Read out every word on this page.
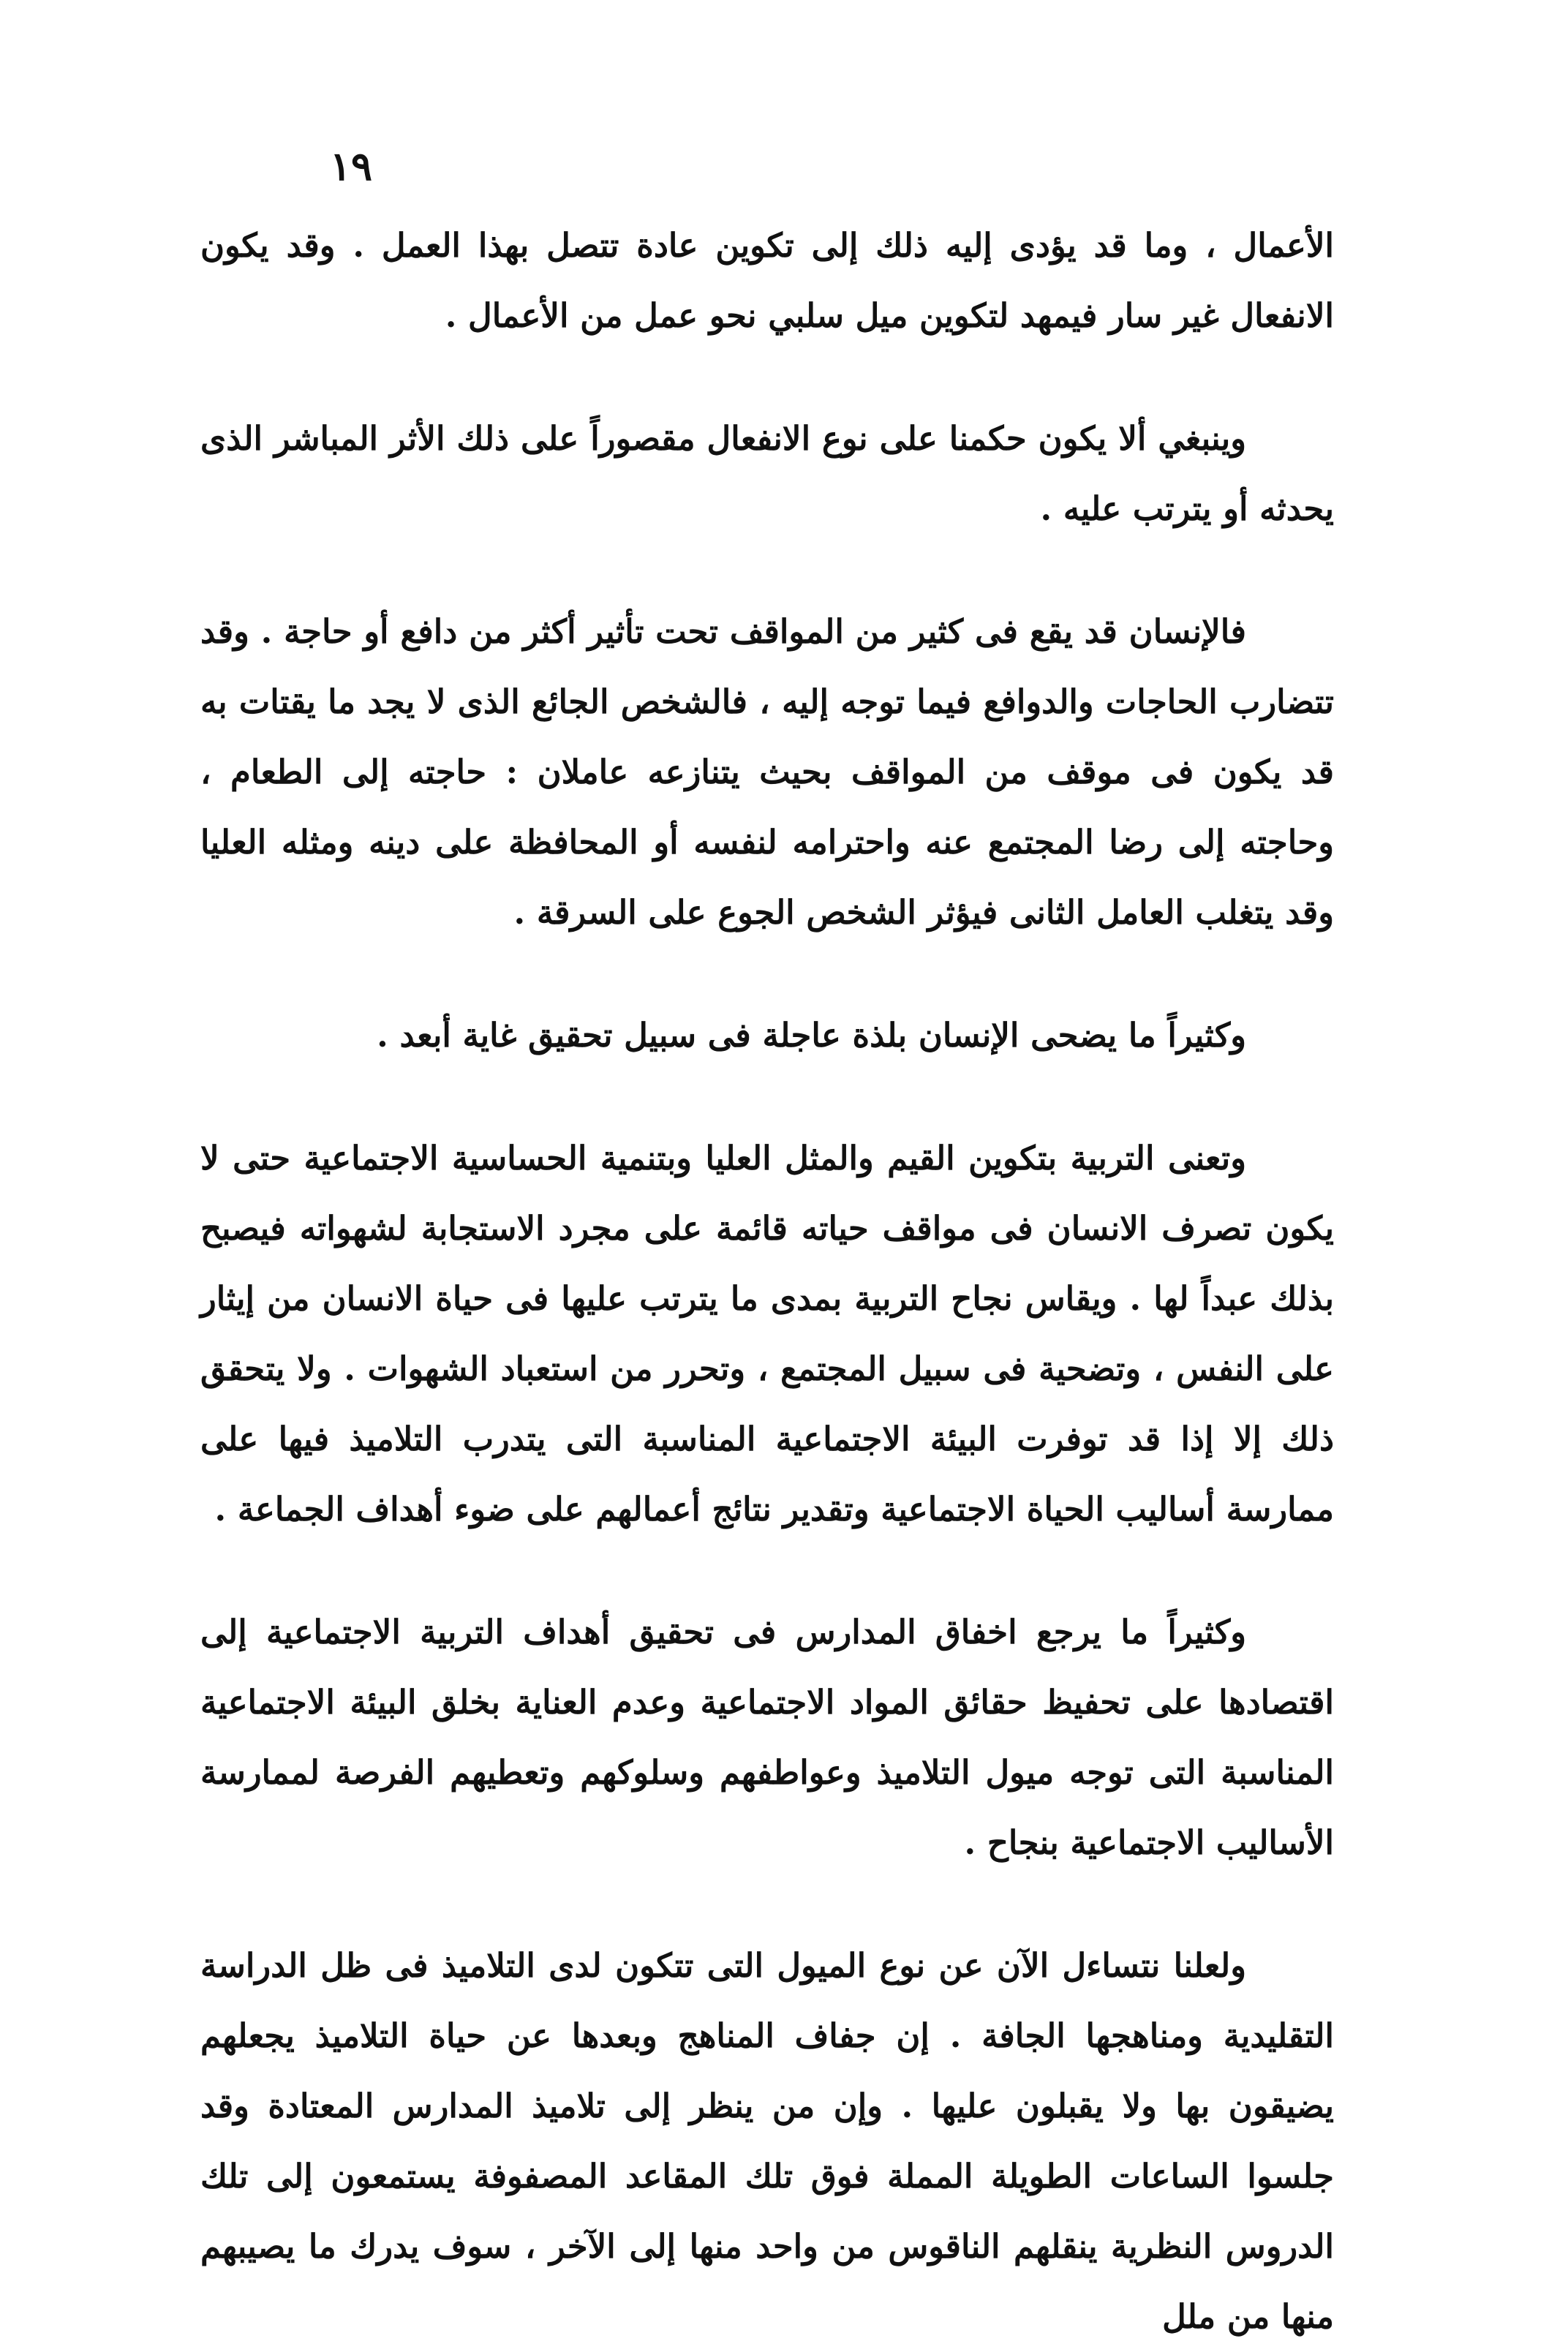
١٩

الأعمال ، وما قد يؤدى إليه ذلك إلى تكوين عادة تتصل بهذا العمل . وقد يكون الانفعال غير سار فيمهد لتكوين ميل سلبي نحو عمل من الأعمال .

وينبغي ألا يكون حكمنا على نوع الانفعال مقصوراً على ذلك الأثر المباشر الذى يحدثه أو يترتب عليه .

فالإنسان قد يقع فى كثير من المواقف تحت تأثير أكثر من دافع أو حاجة . وقد تتضارب الحاجات والدوافع فيما توجه إليه ، فالشخص الجائع الذى لا يجد ما يقتات به قد يكون فى موقف من المواقف بحيث يتنازعه عاملان : حاجته إلى الطعام ، وحاجته إلى رضا المجتمع عنه واحترامه لنفسه أو المحافظة على دينه ومثله العليا وقد يتغلب العامل الثانى فيؤثر الشخص الجوع على السرقة .

وكثيراً ما يضحى الإنسان بلذة عاجلة فى سبيل تحقيق غاية أبعد .

وتعنى التربية بتكوين القيم والمثل العليا وبتنمية الحساسية الاجتماعية حتى لا يكون تصرف الانسان فى مواقف حياته قائمة على مجرد الاستجابة لشهواته فيصبح بذلك عبداً لها . ويقاس نجاح التربية بمدى ما يترتب عليها فى حياة الانسان من إيثار على النفس ، وتضحية فى سبيل المجتمع ، وتحرر من استعباد الشهوات . ولا يتحقق ذلك إلا إذا قد توفرت البيئة الاجتماعية المناسبة التى يتدرب التلاميذ فيها على ممارسة أساليب الحياة الاجتماعية وتقدير نتائج أعمالهم على ضوء أهداف الجماعة .

وكثيراً ما يرجع اخفاق المدارس فى تحقيق أهداف التربية الاجتماعية إلى اقتصادها على تحفيظ حقائق المواد الاجتماعية وعدم العناية بخلق البيئة الاجتماعية المناسبة التى توجه ميول التلاميذ وعواطفهم وسلوكهم وتعطيهم الفرصة لممارسة الأساليب الاجتماعية بنجاح .

ولعلنا نتساءل الآن عن نوع الميول التى تتكون لدى التلاميذ فى ظل الدراسة التقليدية ومناهجها الجافة . إن جفاف المناهج وبعدها عن حياة التلاميذ يجعلهم يضيقون بها ولا يقبلون عليها . وإن من ينظر إلى تلاميذ المدارس المعتادة وقد جلسوا الساعات الطويلة المملة فوق تلك المقاعد المصفوفة يستمعون إلى تلك الدروس النظرية ينقلهم الناقوس من واحد منها إلى الآخر ، سوف يدرك ما يصيبهم منها من ملل
